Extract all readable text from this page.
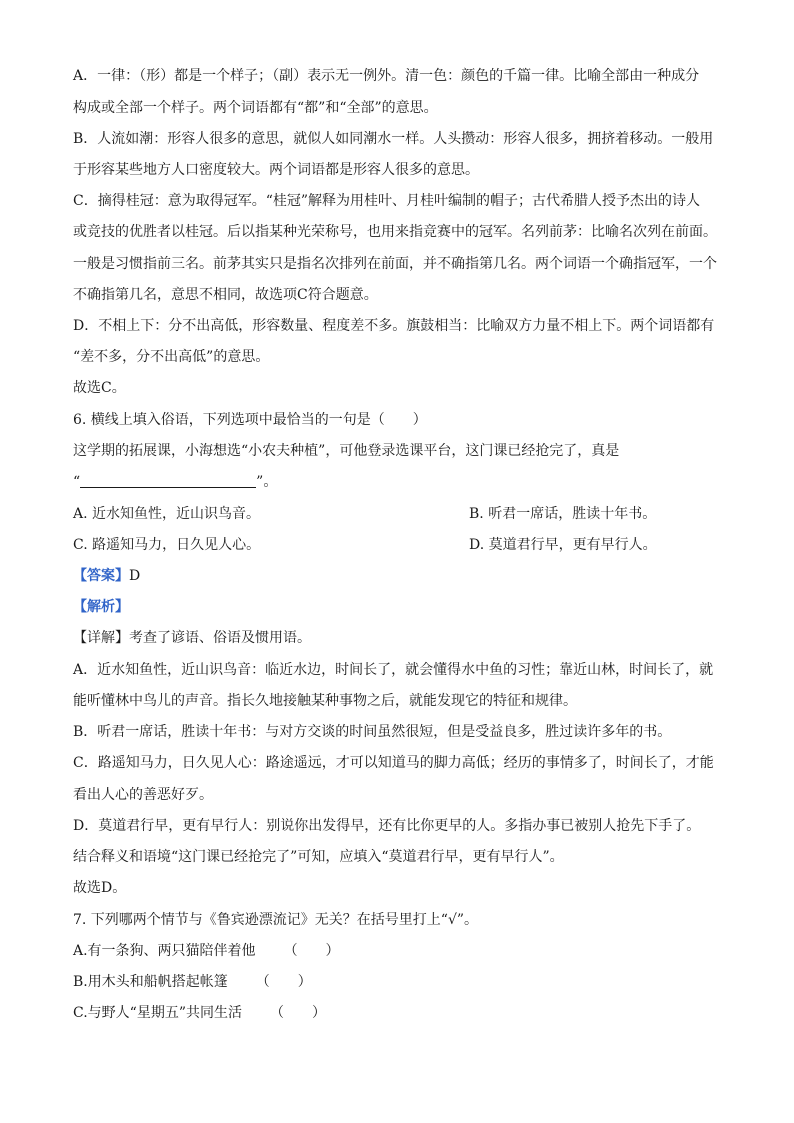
A．一律：（形）都是一个样子；（副）表示无一例外。清一色：颜色的千篇一律。比喻全部由一种成分
构成或全部一个样子。两个词语都有“都”和“全部”的意思。
B．人流如潮：形容人很多的意思，就似人如同潮水一样。人头攒动：形容人很多，拥挤着移动。一般用
于形容某些地方人口密度较大。两个词语都是形容人很多的意思。
C．摘得桂冠：意为取得冠军。“桂冠”解释为用桂叶、月桂叶编制的帽子；古代希腊人授予杰出的诗人
或竞技的优胜者以桂冠。后以指某种光荣称号，也用来指竞赛中的冠军。名列前茅：比喻名次列在前面。
一般是习惯指前三名。前茅其实只是指名次排列在前面，并不确指第几名。两个词语一个确指冠军，一个
不确指第几名，意思不相同，故选项C符合题意。
D．不相上下：分不出高低，形容数量、程度差不多。旗鼓相当：比喻双方力量不相上下。两个词语都有
“差不多，分不出高低”的意思。
故选C。
6. 横线上填入俗语，下列选项中最恰当的一句是（　　）
这学期的拓展课，小海想选“小农夫种植”，可他登录选课平台，这门课已经抢完了，真是
“	”。
A. 近水知鱼性，近山识鸟音。	B. 听君一席话，胜读十年书。
C. 路遥知马力，日久见人心。	D. 莫道君行早，更有早行人。
【答案】D
【解析】
【详解】考查了谚语、俗语及惯用语。
A．近水知鱼性，近山识鸟音：临近水边，时间长了，就会懂得水中鱼的习性；靠近山林，时间长了，就
能听懂林中鸟儿的声音。指长久地接触某种事物之后，就能发现它的特征和规律。
B．听君一席话，胜读十年书：与对方交谈的时间虽然很短，但是受益良多，胜过读许多年的书。
C．路遥知马力，日久见人心：路途遥远，才可以知道马的脚力高低；经历的事情多了，时间长了，才能
看出人心的善恶好歹。
D．莫道君行早，更有早行人：别说你出发得早，还有比你更早的人。多指办事已被别人抢先下手了。
结合释义和语境“这门课已经抢完了”可知，应填入“莫道君行早，更有早行人”。
故选D。
7. 下列哪两个情节与《鲁宾逊漂流记》无关？在括号里打上“√”。
A.有一条狗、两只猫陪伴着他 （　　）
B.用木头和船帆搭起帐篷 （　　）
C.与野人“星期五”共同生活 （　　）
